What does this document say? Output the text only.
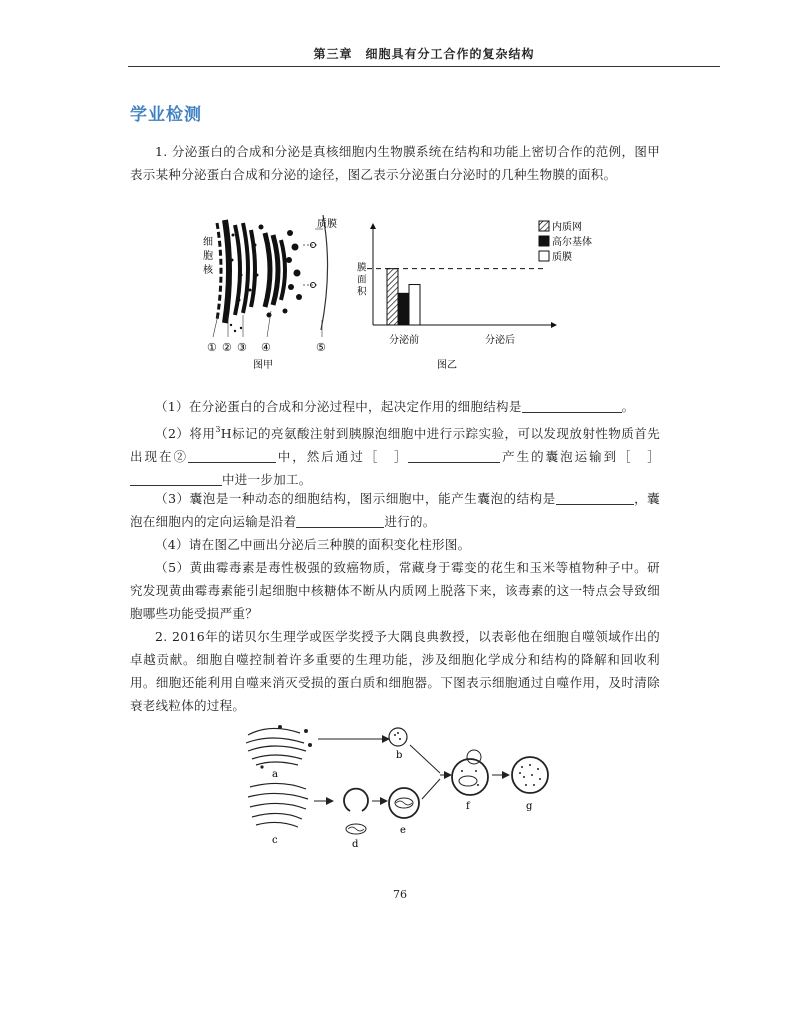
第三章　细胞具有分工合作的复杂结构
学业检测
1. 分泌蛋白的合成和分泌是真核细胞内生物膜系统在结构和功能上密切合作的范例，图甲表示某种分泌蛋白合成和分泌的途径，图乙表示分泌蛋白分泌时的几种生物膜的面积。
细
胞
核
质膜
① ② ③ ④	⑤
图甲
内质网
高尔基体
质膜
分泌前	分泌后
膜
面
积
图乙
（1）在分泌蛋白的合成和分泌过程中，起决定作用的细胞结构是	。
（2）将用$^3$H标记的亮氨酸注射到胰腺泡细胞中进行示踪实验，可以发现放射性物质首先出现在②	中，然后通过［　］	产生的囊泡运输到［　］中进一步加工。
（3）囊泡是一种动态的细胞结构，图示细胞中，能产生囊泡的结构是	，囊泡在细胞内的定向运输是沿着	进行的。
（4）请在图乙中画出分泌后三种膜的面积变化柱形图。
（5）黄曲霉毒素是毒性极强的致癌物质，常藏身于霉变的花生和玉米等植物种子中。研究发现黄曲霉毒素能引起细胞中核糖体不断从内质网上脱落下来，该毒素的这一特点会导致细胞哪些功能受损严重？
2. 2016年的诺贝尔生理学或医学奖授予大隅良典教授，以表彰他在细胞自噬领域作出的卓越贡献。细胞自噬控制着许多重要的生理功能，涉及细胞化学成分和结构的降解和回收利用。细胞还能利用自噬来消灭受损的蛋白质和细胞器。下图表示细胞通过自噬作用，及时清除衰老线粒体的过程。
a
b
c	d
e
f	g
76
